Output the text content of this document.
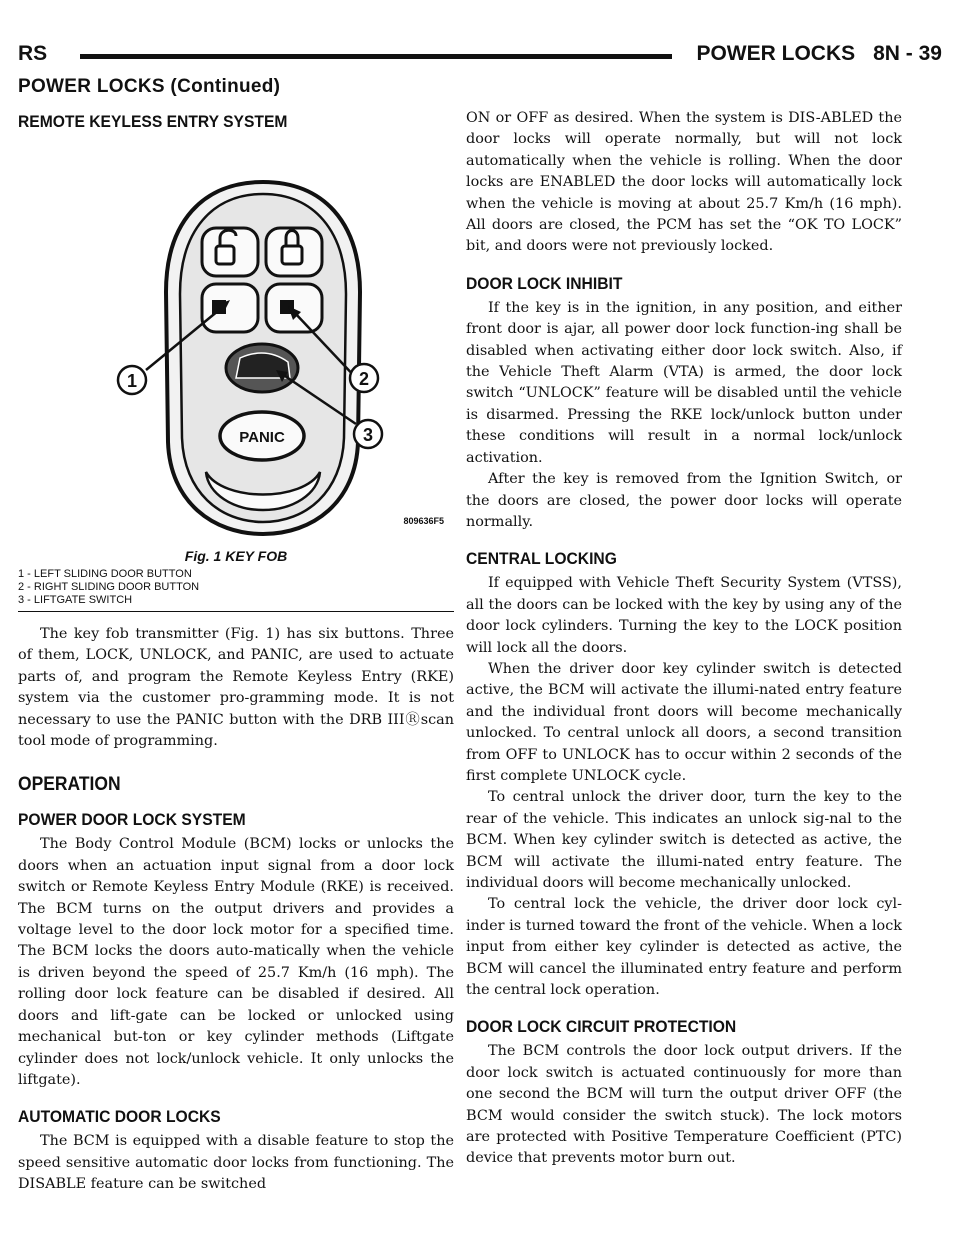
RS	POWER LOCKS 8N - 39
POWER LOCKS (Continued)
REMOTE KEYLESS ENTRY SYSTEM
PANIC
1	2
3
809636F5
Fig. 1 KEY FOB
1 - LEFT SLIDING DOOR BUTTON
2 - RIGHT SLIDING DOOR BUTTON
3 - LIFTGATE SWITCH

The key fob transmitter (Fig. 1) has six buttons. Three of them, LOCK, UNLOCK, and PANIC, are used to actuate parts of, and program the Remote Keyless Entry (RKE) system via the customer pro-gramming mode. It is not necessary to use the PANIC button with the DRB IIIⓇscan tool mode of programming.

OPERATION
POWER DOOR LOCK SYSTEM

The Body Control Module (BCM) locks or unlocks the doors when an actuation input signal from a door lock switch or Remote Keyless Entry Module (RKE) is received. The BCM turns on the output drivers and provides a voltage level to the door lock motor for a specified time. The BCM locks the doors auto-matically when the vehicle is driven beyond the speed of 25.7 Km/h (16 mph). The rolling door lock feature can be disabled if desired. All doors and lift-gate can be locked or unlocked using mechanical but-ton or key cylinder methods (Liftgate cylinder does not lock/unlock vehicle. It only unlocks the liftgate).

AUTOMATIC DOOR LOCKS

The BCM is equipped with a disable feature to stop the speed sensitive automatic door locks from functioning. The DISABLE feature can be switched

ON or OFF as desired. When the system is DIS-ABLED the door locks will operate normally, but will not lock automatically when the vehicle is rolling. When the door locks are ENABLED the door locks will automatically lock when the vehicle is moving at about 25.7 Km/h (16 mph). All doors are closed, the PCM has set the “OK TO LOCK” bit, and doors were not previously locked.

DOOR LOCK INHIBIT

If the key is in the ignition, in any position, and either front door is ajar, all power door lock function-ing shall be disabled when activating either door lock switch. Also, if the Vehicle Theft Alarm (VTA) is armed, the door lock switch “UNLOCK” feature will be disabled until the vehicle is disarmed. Pressing the RKE lock/unlock button under these conditions will result in a normal lock/unlock activation.

After the key is removed from the Ignition Switch, or the doors are closed, the power door locks will operate normally.

CENTRAL LOCKING

If equipped with Vehicle Theft Security System (VTSS), all the doors can be locked with the key by using any of the door lock cylinders. Turning the key to the LOCK position will lock all the doors.

When the driver door key cylinder switch is detected active, the BCM will activate the illumi-nated entry feature and the individual front doors will become mechanically unlocked. To central unlock all doors, a second transition from OFF to UNLOCK has to occur within 2 seconds of the first complete UNLOCK cycle.

To central unlock the driver door, turn the key to the rear of the vehicle. This indicates an unlock sig-nal to the BCM. When key cylinder switch is detected as active, the BCM will activate the illumi-nated entry feature. The individual doors will become mechanically unlocked.

To central lock the vehicle, the driver door lock cyl-inder is turned toward the front of the vehicle. When a lock input from either key cylinder is detected as active, the BCM will cancel the illuminated entry feature and perform the central lock operation.

DOOR LOCK CIRCUIT PROTECTION

The BCM controls the door lock output drivers. If the door lock switch is actuated continuously for more than one second the BCM will turn the output driver OFF (the BCM would consider the switch stuck). The lock motors are protected with Positive Temperature Coefficient (PTC) device that prevents motor burn out.
